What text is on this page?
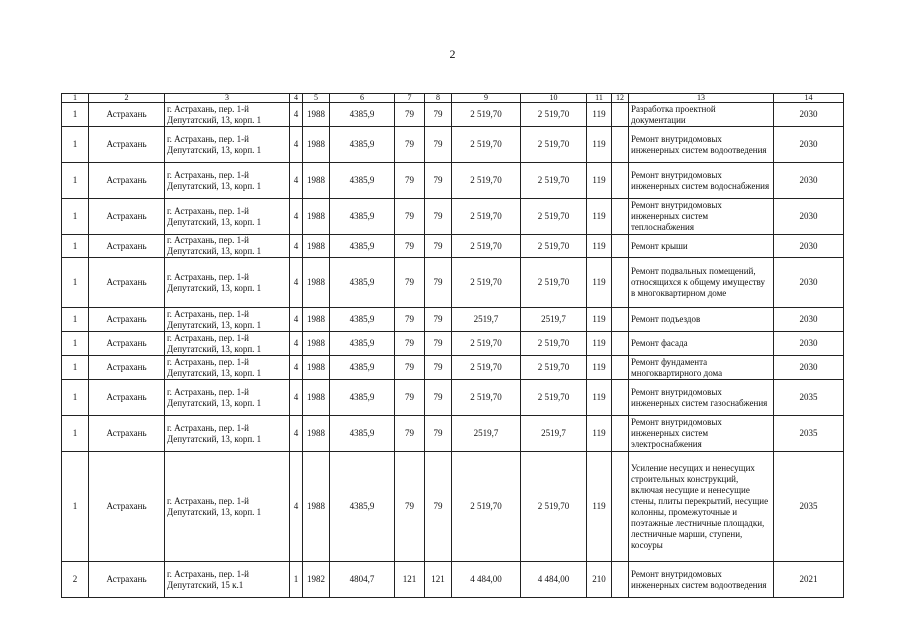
2
1	2	3	4	5	6	7	8	9	10	11	12	13	14
1	Астрахань	г. Астрахань, пер. 1-й Депутатский, 13, корп. 1	4	1988	4385,9	79	79	2 519,70	2 519,70	119		Разработка проектной документации	2030
1	Астрахань	г. Астрахань, пер. 1-й Депутатский, 13, корп. 1	4	1988	4385,9	79	79	2 519,70	2 519,70	119		Ремонт внутридомовых инженерных систем водоотведения	2030
1	Астрахань	г. Астрахань, пер. 1-й Депутатский, 13, корп. 1	4	1988	4385,9	79	79	2 519,70	2 519,70	119		Ремонт внутридомовых инженерных систем водоснабжения	2030
1	Астрахань	г. Астрахань, пер. 1-й Депутатский, 13, корп. 1	4	1988	4385,9	79	79	2 519,70	2 519,70	119		Ремонт внутридомовых инженерных систем теплоснабжения	2030
1	Астрахань	г. Астрахань, пер. 1-й Депутатский, 13, корп. 1	4	1988	4385,9	79	79	2 519,70	2 519,70	119		Ремонт крыши	2030
1	Астрахань	г. Астрахань, пер. 1-й Депутатский, 13, корп. 1	4	1988	4385,9	79	79	2 519,70	2 519,70	119		Ремонт подвальных помещений, относящихся к общему имуществу в многоквартирном доме	2030
1	Астрахань	г. Астрахань, пер. 1-й Депутатский, 13, корп. 1	4	1988	4385,9	79	79	2519,7	2519,7	119		Ремонт подъездов	2030
1	Астрахань	г. Астрахань, пер. 1-й Депутатский, 13, корп. 1	4	1988	4385,9	79	79	2 519,70	2 519,70	119		Ремонт фасада	2030
1	Астрахань	г. Астрахань, пер. 1-й Депутатский, 13, корп. 1	4	1988	4385,9	79	79	2 519,70	2 519,70	119		Ремонт фундамента многоквартирного дома	2030
1	Астрахань	г. Астрахань, пер. 1-й Депутатский, 13, корп. 1	4	1988	4385,9	79	79	2 519,70	2 519,70	119		Ремонт внутридомовых инженерных систем газоснабжения	2035
1	Астрахань	г. Астрахань, пер. 1-й Депутатский, 13, корп. 1	4	1988	4385,9	79	79	2519,7	2519,7	119		Ремонт внутридомовых инженерных систем электроснабжения	2035
1	Астрахань	г. Астрахань, пер. 1-й Депутатский, 13, корп. 1	4	1988	4385,9	79	79	2 519,70	2 519,70	119		Усиление несущих и ненесущих строительных конструкций, включая несущие и ненесущие стены, плиты перекрытий, несущие колонны, промежуточные и поэтажные лестничные площадки, лестничные марши, ступени, косоуры	2035
2	Астрахань	г. Астрахань, пер. 1-й Депутатский, 15 к.1	1	1982	4804,7	121	121	4 484,00	4 484,00	210		Ремонт внутридомовых инженерных систем водоотведения	2021
